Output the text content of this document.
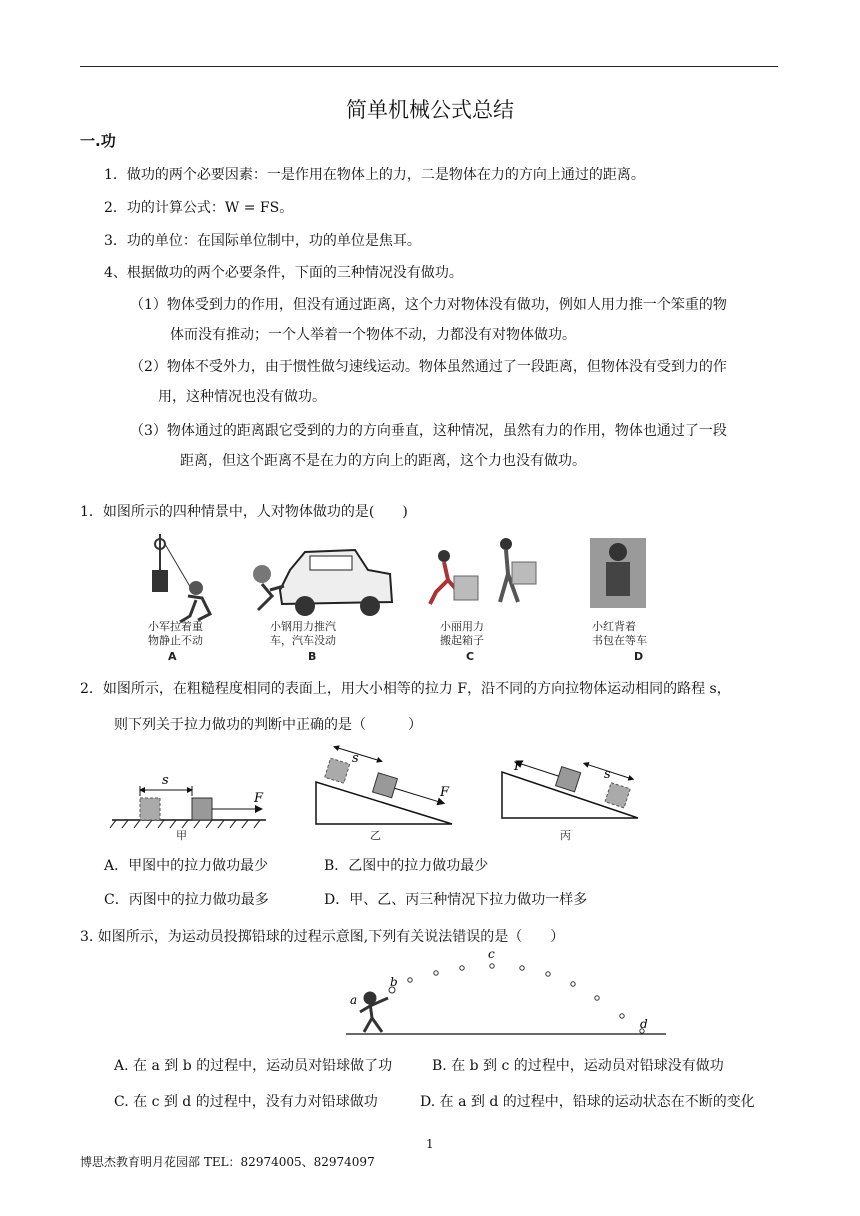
简单机械公式总结
一.功
1．做功的两个必要因素：一是作用在物体上的力，二是物体在力的方向上通过的距离。
2．功的计算公式：W = FS。
3．功的单位：在国际单位制中，功的单位是焦耳。
4、根据做功的两个必要条件，下面的三种情况没有做功。
（1）物体受到力的作用，但没有通过距离，这个力对物体没有做功，例如人用力推一个笨重的物
体而没有推动；一个人举着一个物体不动，力都没有对物体做功。
（2）物体不受外力，由于惯性做匀速线运动。物体虽然通过了一段距离，但物体没有受到力的作
用，这种情况也没有做功。
（3）物体通过的距离跟它受到的力的方向垂直，这种情况，虽然有力的作用，物体也通过了一段
距离，但这个距离不是在力的方向上的距离，这个力也没有做功。
1．如图所示的四种情景中，人对物体做功的是(　　)
小军拉着重
物静止不动
A
小钢用力推汽
车，汽车没动
B
小丽用力
搬起箱子
C
小红背着
书包在等车
D
2．如图所示，在粗糙程度相同的表面上，用大小相等的拉力 F，沿不同的方向拉物体运动相同的路程 s，
则下列关于拉力做功的判断中正确的是（　　　）
s
F
甲
s
F
乙
F
s
丙
A．甲图中的拉力做功最少	B．乙图中的拉力做功最少
C．丙图中的拉力做功最多	D．甲、乙、丙三种情况下拉力做功一样多
3. 如图所示，为运动员投掷铅球的过程示意图,下列有关说法错误的是（　　）
a
b
c
d
A. 在 a 到 b 的过程中，运动员对铅球做了功	B. 在 b 到 c 的过程中，运动员对铅球没有做功
C. 在 c 到 d 的过程中，没有力对铅球做功	D. 在 a 到 d 的过程中，铅球的运动状态在不断的变化
1
博思杰教育明月花园部 TEL：82974005、82974097
